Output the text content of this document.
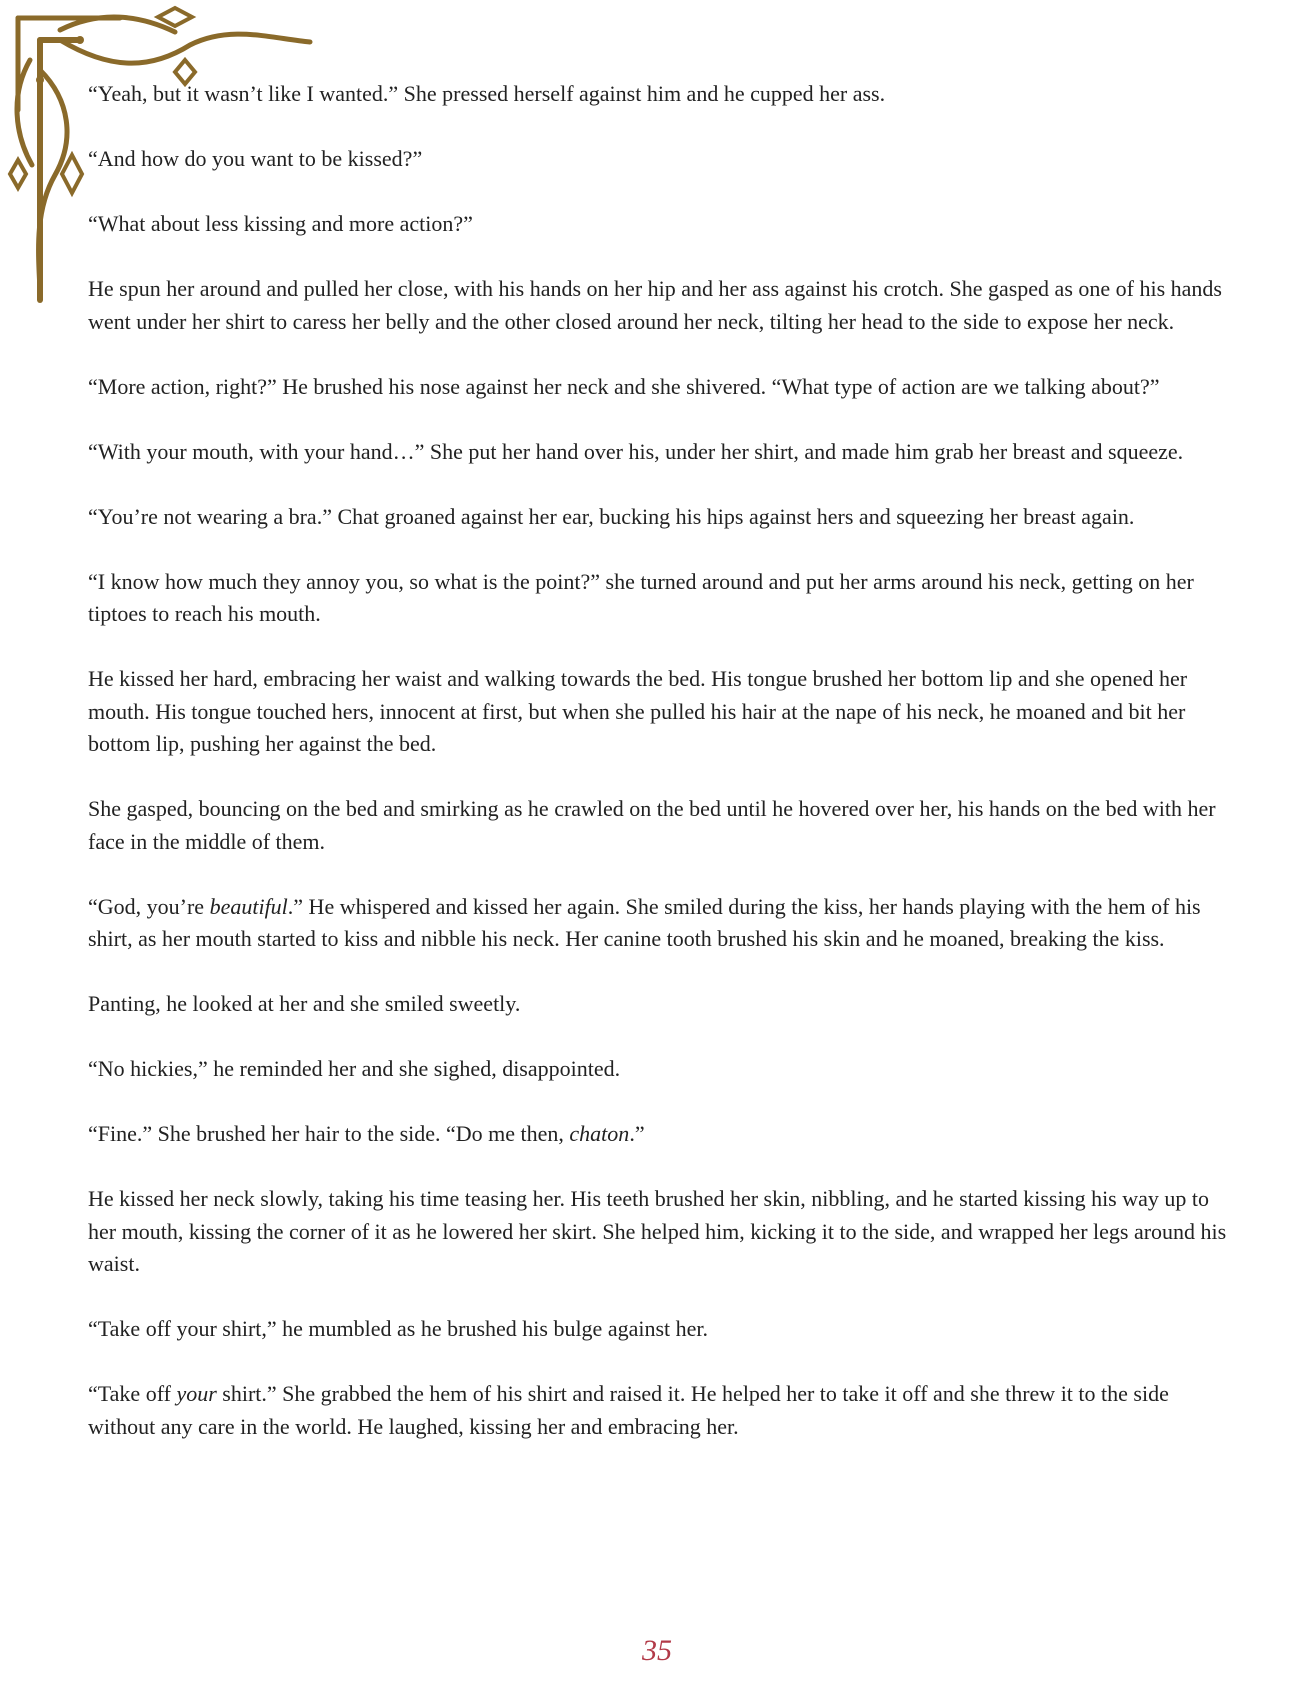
“Yeah, but it wasn’t like I wanted.” She pressed herself against him and he cupped her ass.

“And how do you want to be kissed?”

“What about less kissing and more action?”

He spun her around and pulled her close, with his hands on her hip and her ass against his crotch. She gasped as one of his hands went under her shirt to caress her belly and the other closed around her neck, tilting her head to the side to expose her neck.

“More action, right?” He brushed his nose against her neck and she shivered. “What type of action are we talking about?”

“With your mouth, with your hand…” She put her hand over his, under her shirt, and made him grab her breast and squeeze.

“You’re not wearing a bra.” Chat groaned against her ear, bucking his hips against hers and squeezing her breast again.

“I know how much they annoy you, so what is the point?” she turned around and put her arms around his neck, getting on her tiptoes to reach his mouth.

He kissed her hard, embracing her waist and walking towards the bed. His tongue brushed her bottom lip and she opened her mouth. His tongue touched hers, innocent at first, but when she pulled his hair at the nape of his neck, he moaned and bit her bottom lip, pushing her against the bed.

She gasped, bouncing on the bed and smirking as he crawled on the bed until he hovered over her, his hands on the bed with her face in the middle of them.

“God, you’re beautiful.” He whispered and kissed her again. She smiled during the kiss, her hands playing with the hem of his shirt, as her mouth started to kiss and nibble his neck. Her canine tooth brushed his skin and he moaned, breaking the kiss.

Panting, he looked at her and she smiled sweetly.

“No hickies,” he reminded her and she sighed, disappointed.

“Fine.” She brushed her hair to the side. “Do me then, chaton.”

He kissed her neck slowly, taking his time teasing her. His teeth brushed her skin, nibbling, and he started kissing his way up to her mouth, kissing the corner of it as he lowered her skirt. She helped him, kicking it to the side, and wrapped her legs around his waist.

“Take off your shirt,” he mumbled as he brushed his bulge against her.

“Take off your shirt.” She grabbed the hem of his shirt and raised it. He helped her to take it off and she threw it to the side without any care in the world. He laughed, kissing her and embracing her.

35
